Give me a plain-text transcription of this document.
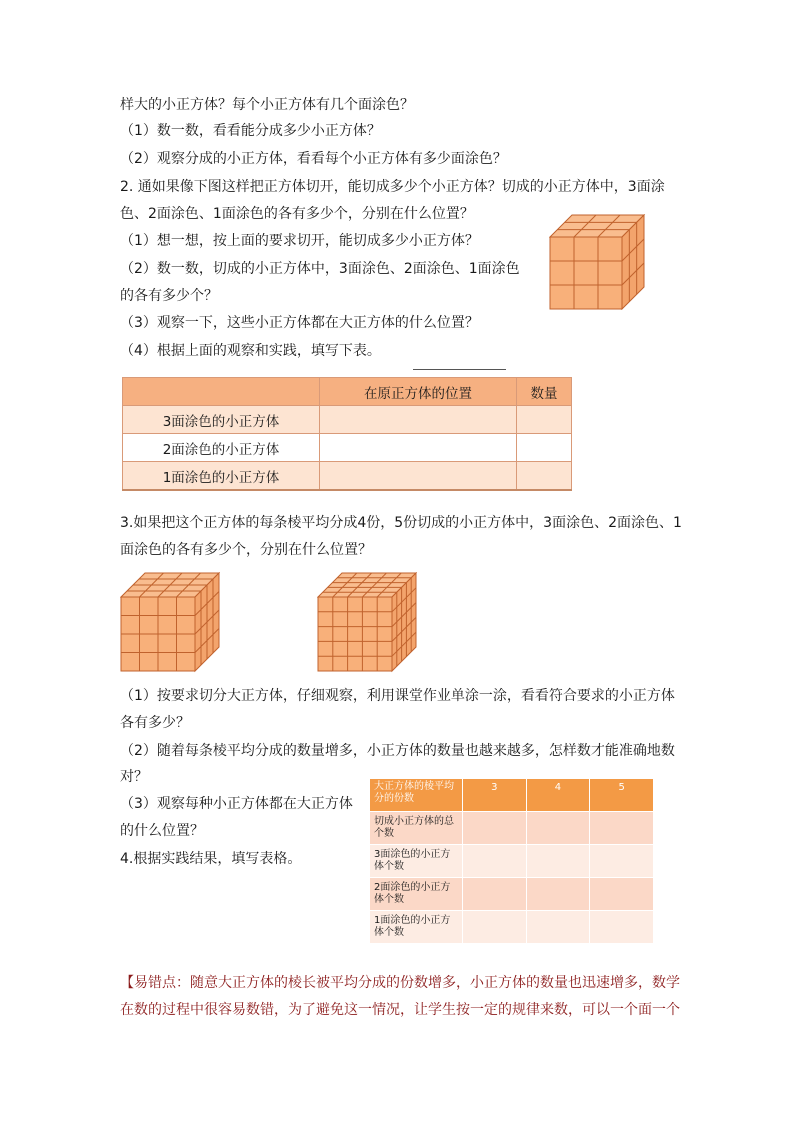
样大的小正方体？每个小正方体有几个面涂色？
（1）数一数，看看能分成多少小正方体？
（2）观察分成的小正方体，看看每个小正方体有多少面涂色？
2. 通如果像下图这样把正方体切开，能切成多少个小正方体？切成的小正方体中，3面涂
色、2面涂色、1面涂色的各有多少个，分别在什么位置？
（1）想一想，按上面的要求切开，能切成多少小正方体？
（2）数一数，切成的小正方体中，3面涂色、2面涂色、1面涂色
的各有多少个？
（3）观察一下，这些小正方体都在大正方体的什么位置？
（4）根据上面的观察和实践，填写下表。
3.如果把这个正方体的每条棱平均分成4份，5份切成的小正方体中，3面涂色、2面涂色、1
面涂色的各有多少个，分别在什么位置？
（1）按要求切分大正方体，仔细观察，利用课堂作业单涂一涂，看看符合要求的小正方体
各有多少？
（2）随着每条棱平均分成的数量增多，小正方体的数量也越来越多，怎样数才能准确地数
对？
（3）观察每种小正方体都在大正方体
的什么位置？
4.根据实践结果，填写表格。
	在原正方体的位置	数量
3面涂色的小正方体		
2面涂色的小正方体		
1面涂色的小正方体		
大正方体的棱平均分的份数	3	4	5
切成小正方体的总个数			
3面涂色的小正方体个数			
2面涂色的小正方体个数			
1面涂色的小正方体个数			
【易错点：随意大正方体的棱长被平均分成的份数增多，小正方体的数量也迅速增多，数学
在数的过程中很容易数错，为了避免这一情况，让学生按一定的规律来数，可以一个面一个
